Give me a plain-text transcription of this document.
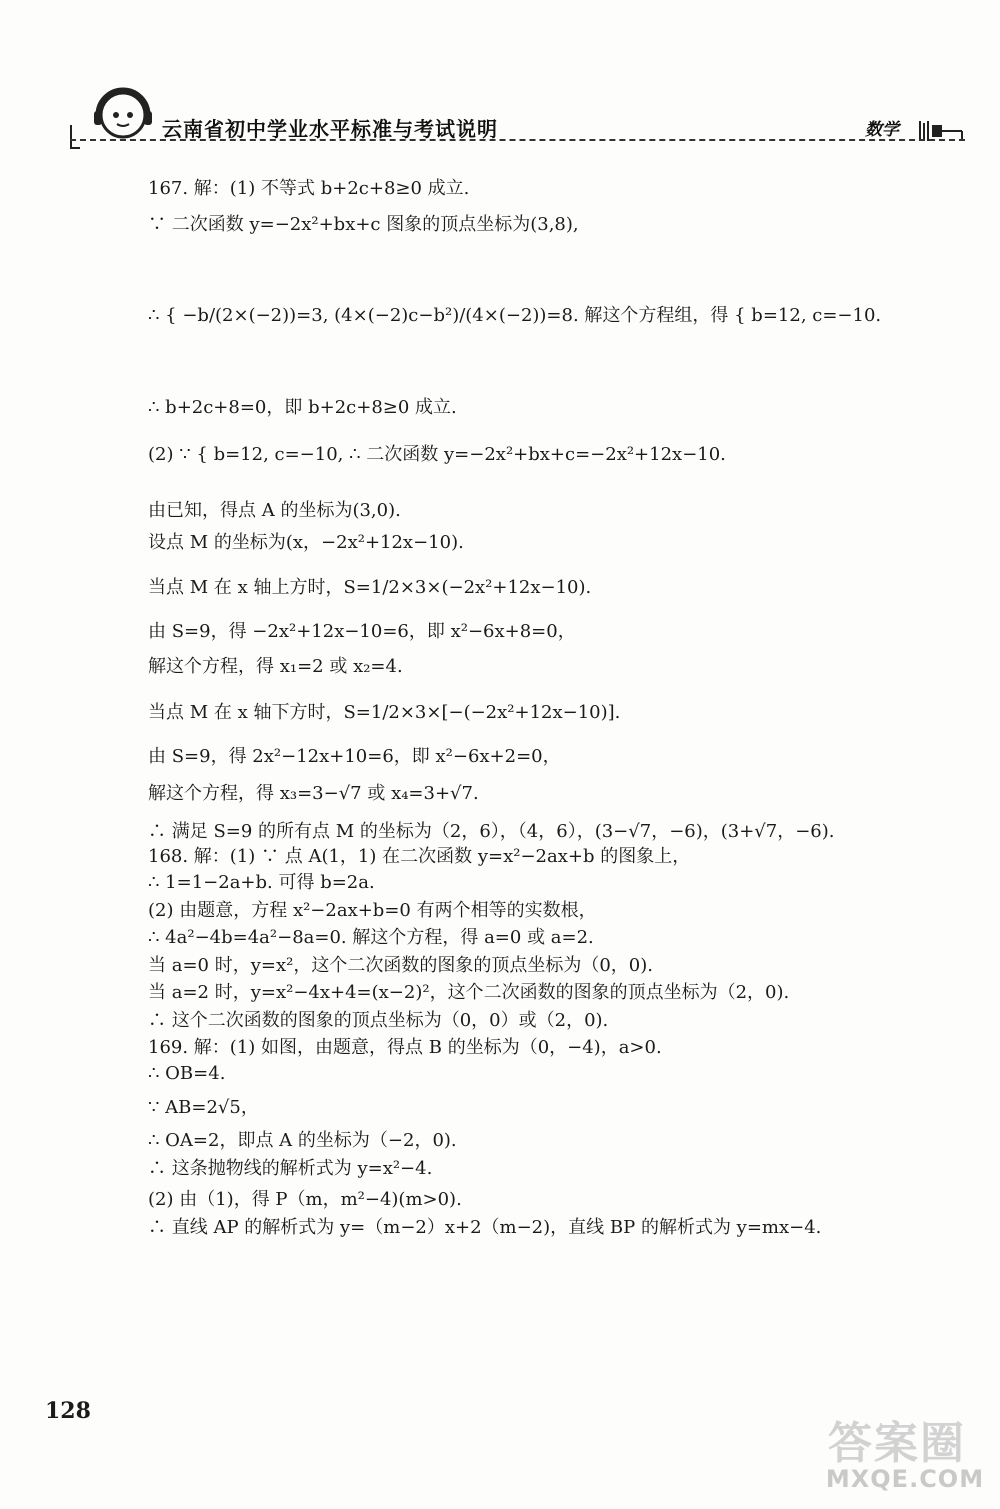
云南省初中学业水平标准与考试说明	数学
167. 解：(1) 不等式 b+2c+8≥0 成立.
∵ 二次函数 y=−2x²+bx+c 图象的顶点坐标为(3,8),
∴ { −b/(2×(−2))=3, (4×(−2)c−b²)/(4×(−2))=8. 解这个方程组，得 { b=12, c=−10.
∴ b+2c+8=0，即 b+2c+8≥0 成立.
(2) ∵ { b=12, c=−10, ∴ 二次函数 y=−2x²+bx+c=−2x²+12x−10.
由已知，得点 A 的坐标为(3,0).
设点 M 的坐标为(x，−2x²+12x−10).
当点 M 在 x 轴上方时，S=1/2×3×(−2x²+12x−10).
由 S=9，得 −2x²+12x−10=6，即 x²−6x+8=0，
解这个方程，得 x₁=2 或 x₂=4.
当点 M 在 x 轴下方时，S=1/2×3×[−(−2x²+12x−10)].
由 S=9，得 2x²−12x+10=6，即 x²−6x+2=0，
解这个方程，得 x₃=3−√7 或 x₄=3+√7.
∴ 满足 S=9 的所有点 M 的坐标为（2，6），（4，6），(3−√7，−6)，(3+√7，−6).
168. 解：(1) ∵ 点 A(1，1) 在二次函数 y=x²−2ax+b 的图象上，
∴ 1=1−2a+b. 可得 b=2a.
(2) 由题意，方程 x²−2ax+b=0 有两个相等的实数根，
∴ 4a²−4b=4a²−8a=0. 解这个方程，得 a=0 或 a=2.
当 a=0 时，y=x²，这个二次函数的图象的顶点坐标为（0，0).
当 a=2 时，y=x²−4x+4=(x−2)²，这个二次函数的图象的顶点坐标为（2，0).
∴ 这个二次函数的图象的顶点坐标为（0，0）或（2，0).
169. 解：(1) 如图，由题意，得点 B 的坐标为（0，−4)，a>0.
∴ OB=4.
∵ AB=2√5，
∴ OA=2，即点 A 的坐标为（−2，0).
∴ 这条抛物线的解析式为 y=x²−4.
(2) 由（1)，得 P（m，m²−4)(m>0).
∴ 直线 AP 的解析式为 y=（m−2）x+2（m−2)，直线 BP 的解析式为 y=mx−4.
128
答案圈
MXQE.COM
